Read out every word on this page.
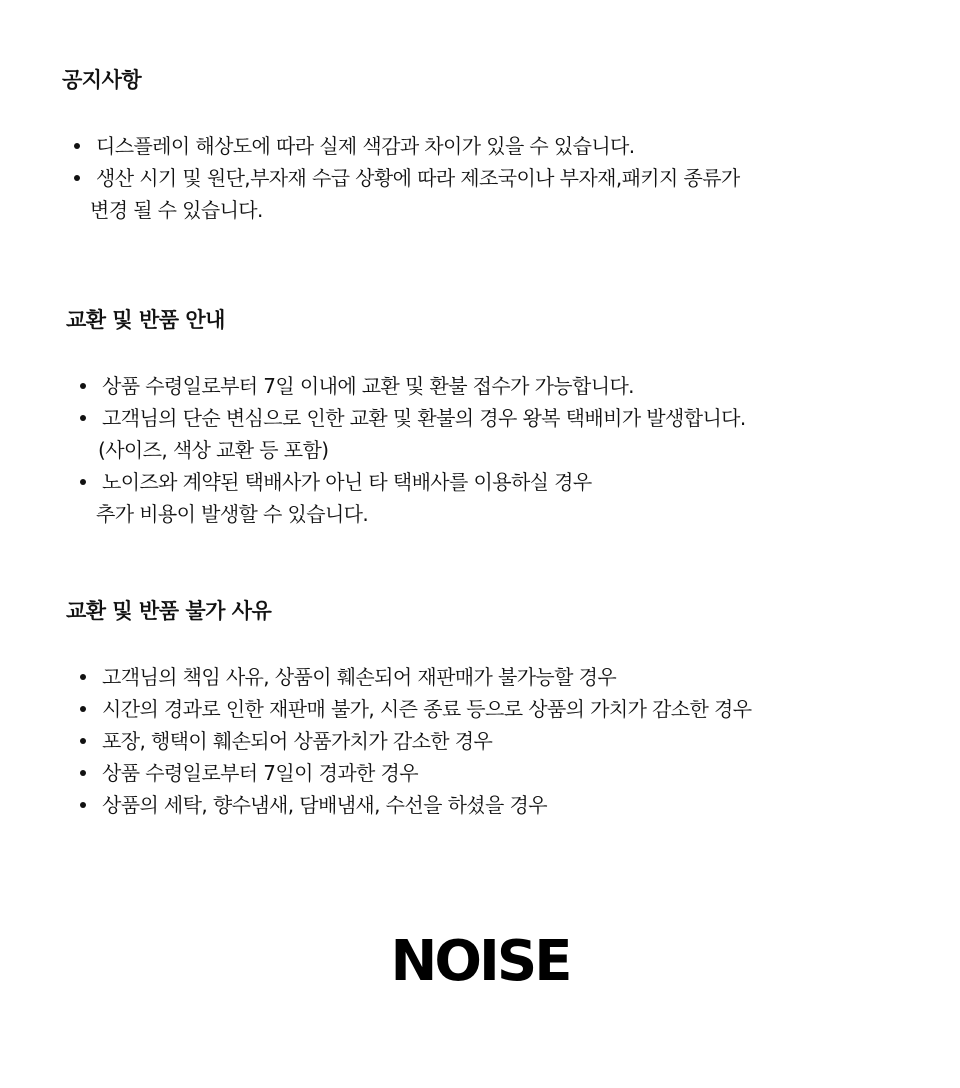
공지사항
디스플레이 해상도에 따라 실제 색감과 차이가 있을 수 있습니다.
생산 시기 및 원단,부자재 수급 상황에 따라 제조국이나 부자재,패키지 종류가
변경 될 수 있습니다.
교환 및 반품 안내
상품 수령일로부터 7일 이내에 교환 및 환불 접수가 가능합니다.
고객님의 단순 변심으로 인한 교환 및 환불의 경우 왕복 택배비가 발생합니다.
(사이즈, 색상 교환 등 포함)
노이즈와 계약된 택배사가 아닌 타 택배사를 이용하실 경우
추가 비용이 발생할 수 있습니다.
교환 및 반품 불가 사유
고객님의 책임 사유, 상품이 훼손되어 재판매가 불가능할 경우
시간의 경과로 인한 재판매 불가, 시즌 종료 등으로 상품의 가치가 감소한 경우
포장, 행택이 훼손되어 상품가치가 감소한 경우
상품 수령일로부터 7일이 경과한 경우
상품의 세탁, 향수냄새, 담배냄새, 수선을 하셨을 경우
NOISE
